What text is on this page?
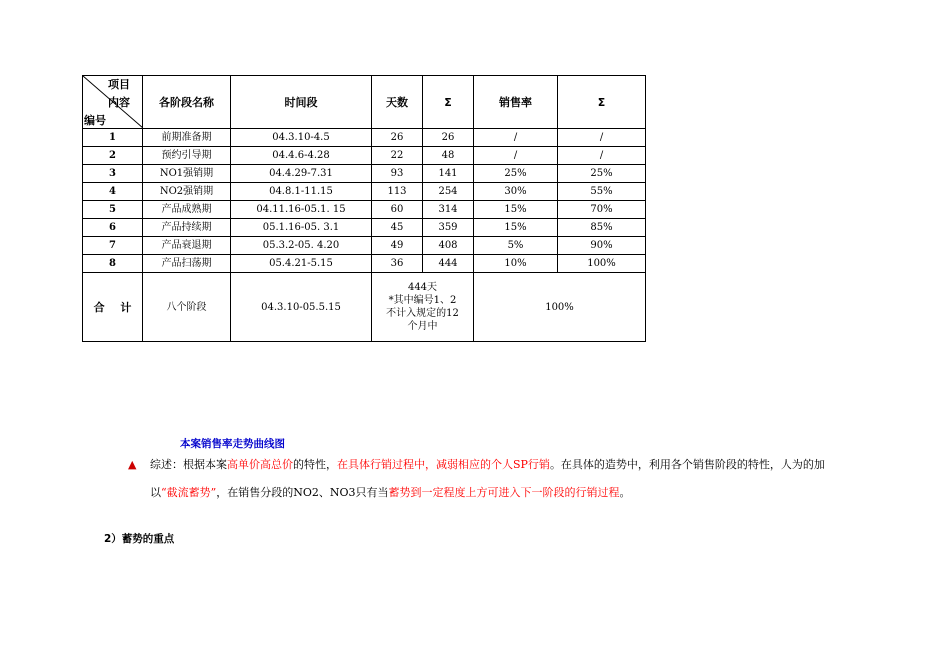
项目
内容
编号	各阶段名称	时间段	天数	Σ	销售率	Σ
1	前期准备期	04.3.10-4.5	26	26	/	/
2	预约引导期	04.4.6-4.28	22	48	/	/
3	NO1强销期	04.4.29-7.31	93	141	25%	25%
4	NO2强销期	04.8.1-11.15	113	254	30%	55%
5	产品成熟期	04.11.16-05.1. 15	60	314	15%	70%
6	产品持续期	05.1.16-05. 3.1	45	359	15%	85%
7	产品衰退期	05.3.2-05. 4.20	49	408	5%	90%
8	产品扫荡期	05.4.21-5.15	36	444	10%	100%
合 计	八个阶段	04.3.10-05.5.15	444天
*其中编号1、2
不计入规定的12
个月中		100%	
本案销售率走势曲线图
▲ 综述：根据本案高单价高总价的特性，在具体行销过程中，减弱相应的个人SP行销。在具体的造势中，利用各个销售阶段的特性，人为的加
以“截流蓄势”，在销售分段的NO2、NO3只有当蓄势到一定程度上方可进入下一阶段的行销过程。
2）蓄势的重点
